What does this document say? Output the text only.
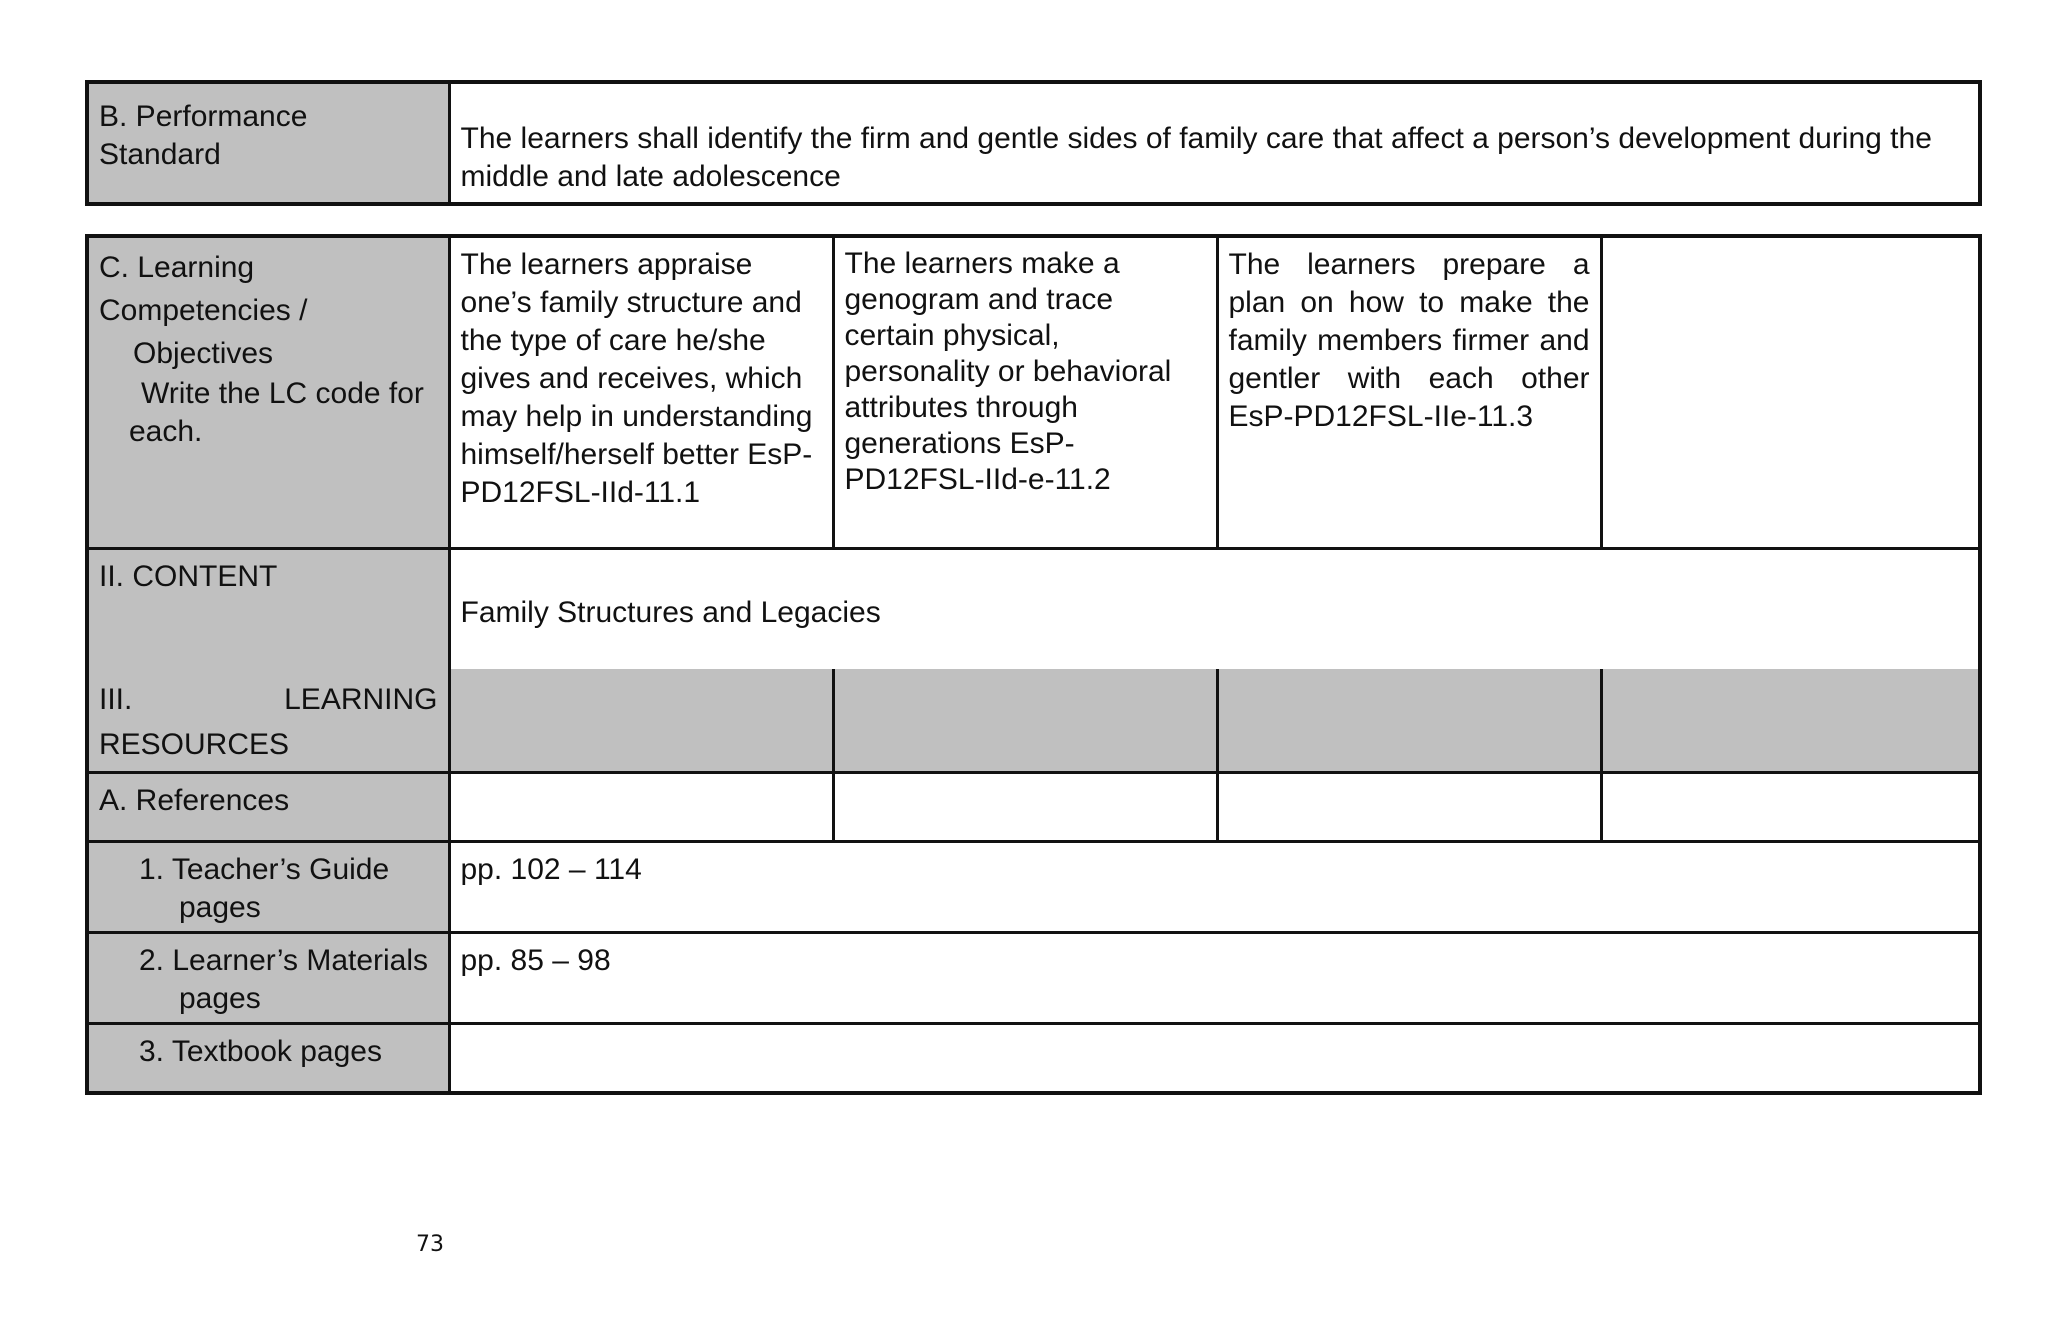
B. Performance
Standard	The learners shall identify the firm and gentle sides of family care that affect a person’s development during the middle and late adolescence
C. Learning
Competencies /
Objectives
Write the LC code for
each.	The learners appraise one’s family structure and the type of care he/she gives and receives, which may help in understanding himself/herself better EsP-PD12FSL-IId-11.1	The learners make a genogram and trace certain physical, personality or behavioral attributes through generations EsP-PD12FSL-IId-e-11.2	The learners prepare a plan on how to make the family members firmer and gentler with each other EsP-PD12FSL-IIe-11.3	
II. CONTENT	Family Structures and Legacies			

III. LEARNING
RESOURCES				

A. References				

1. Teacher’s Guide
pages	pp. 102 – 114			

2. Learner’s Materials
pages	pp. 85 – 98			

3. Textbook pages				

73
